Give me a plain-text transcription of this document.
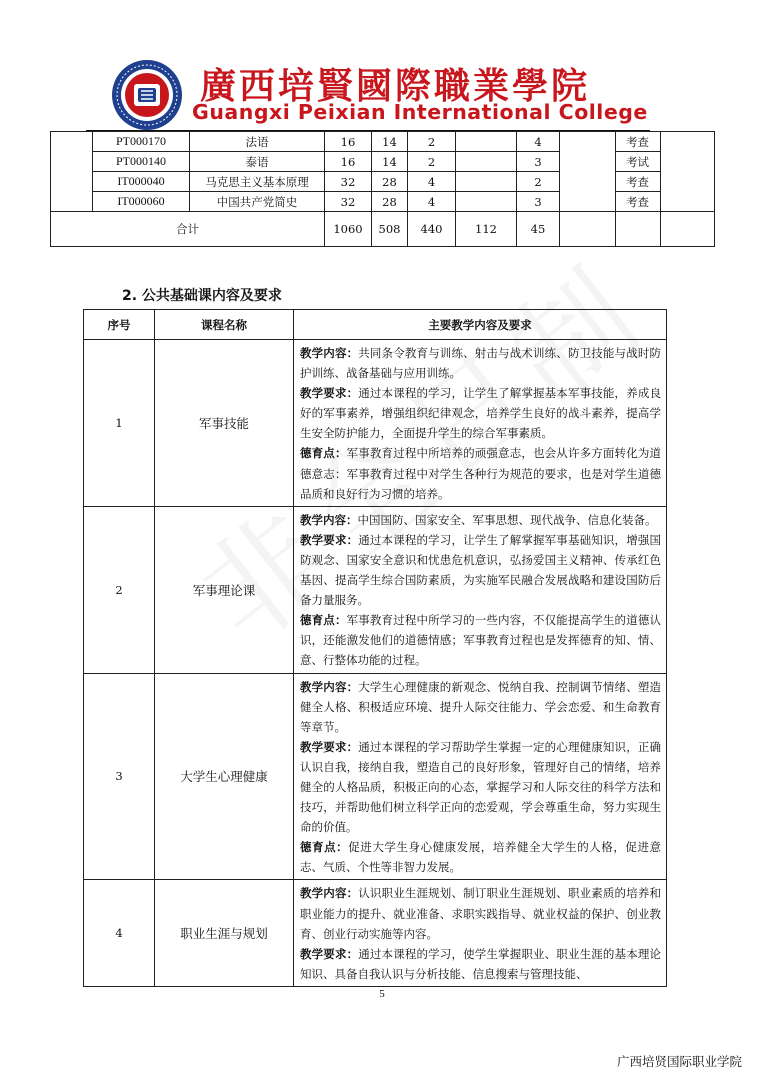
廣西培賢國際職業學院
Guangxi Peixian International College
	PT000170	法语	16	14	2		4		考查	
	PT000140	泰语	16	14	2		3		考试	
	IT000040	马克思主义基本原理	32	28	4		2		考查	
	IT000060	中国共产党简史	32	28	4		3		考查	
合计			1060	508	440	112	45			
2. 公共基础课内容及要求
序号	课程名称	主要教学内容及要求
1	军事技能	教学内容：共同条令教育与训练、射击与战术训练、防卫技能与战时防护训练、战备基础与应用训练。

教学要求：通过本课程的学习，让学生了解掌握基本军事技能，养成良好的军事素养，增强组织纪律观念，培养学生良好的战斗素养，提高学生安全防护能力，全面提升学生的综合军事素质。

德育点：军事教育过程中所培养的顽强意志，也会从许多方面转化为道德意志：军事教育过程中对学生各种行为规范的要求，也是对学生道德品质和良好行为习惯的培养。

2	军事理论课	教学内容：中国国防、国家安全、军事思想、现代战争、信息化装备。

教学要求：通过本课程的学习，让学生了解掌握军事基础知识，增强国防观念、国家安全意识和忧患危机意识，弘扬爱国主义精神、传承红色基因、提高学生综合国防素质，为实施军民融合发展战略和建设国防后备力量服务。

德育点：军事教育过程中所学习的一些内容，不仅能提高学生的道德认识，还能激发他们的道德情感；军事教育过程也是发挥德育的知、情、意、行整体功能的过程。

3	大学生心理健康	教学内容：大学生心理健康的新观念、悦纳自我、控制调节情绪、塑造健全人格、积极适应环境、提升人际交往能力、学会恋爱、和生命教育等章节。

教学要求：通过本课程的学习帮助学生掌握一定的心理健康知识，正确认识自我，接纳自我，塑造自己的良好形象，管理好自己的情绪，培养健全的人格品质，积极正向的心态，掌握学习和人际交往的科学方法和技巧，并帮助他们树立科学正向的恋爱观，学会尊重生命，努力实现生命的价值。

德育点：促进大学生身心健康发展，培养健全大学生的人格，促进意志、气质、个性等非智力发展。

4	职业生涯与规划	教学内容：认识职业生涯规划、制订职业生涯规划、职业素质的培养和职业能力的提升、就业准备、求职实践指导、就业权益的保护、创业教育、创业行动实施等内容。

教学要求：通过本课程的学习，使学生掌握职业、职业生涯的基本理论知识、具备自我认识与分析技能、信息搜索与管理技能、

5
广西培贤国际职业学院
